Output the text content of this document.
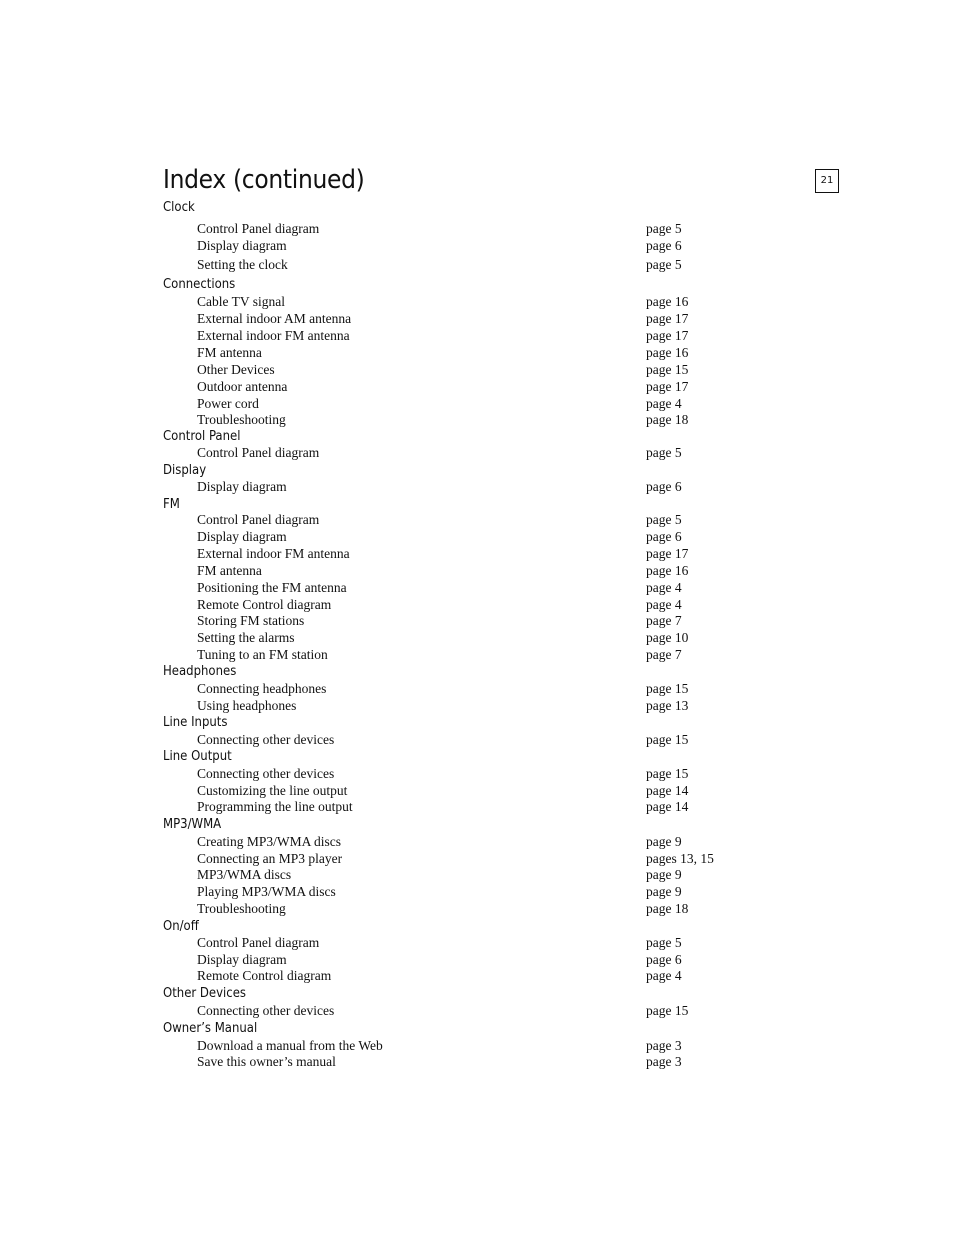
Index (continued)	21
Clock
Control Panel diagram	page 5
Display diagram	page 6
Setting the clock	page 5
Connections
Cable TV signal	page 16
External indoor AM antenna	page 17
External indoor FM antenna	page 17
FM antenna	page 16
Other Devices	page 15
Outdoor antenna	page 17
Power cord	page 4
Troubleshooting	page 18
Control Panel
Control Panel diagram	page 5
Display
Display diagram	page 6
FM
Control Panel diagram	page 5
Display diagram	page 6
External indoor FM antenna	page 17
FM antenna	page 16
Positioning the FM antenna	page 4
Remote Control diagram	page 4
Storing FM stations	page 7
Setting the alarms	page 10
Tuning to an FM station	page 7
Headphones
Connecting headphones	page 15
Using headphones	page 13
Line Inputs
Connecting other devices	page 15
Line Output
Connecting other devices	page 15
Customizing the line output	page 14
Programming the line output	page 14
MP3/WMA
Creating MP3/WMA discs	page 9
Connecting an MP3 player	pages 13, 15
MP3/WMA discs	page 9
Playing MP3/WMA discs	page 9
Troubleshooting	page 18
On/off
Control Panel diagram	page 5
Display diagram	page 6
Remote Control diagram	page 4
Other Devices
Connecting other devices	page 15
Owner’s Manual
Download a manual from the Web	page 3
Save this owner’s manual	page 3
